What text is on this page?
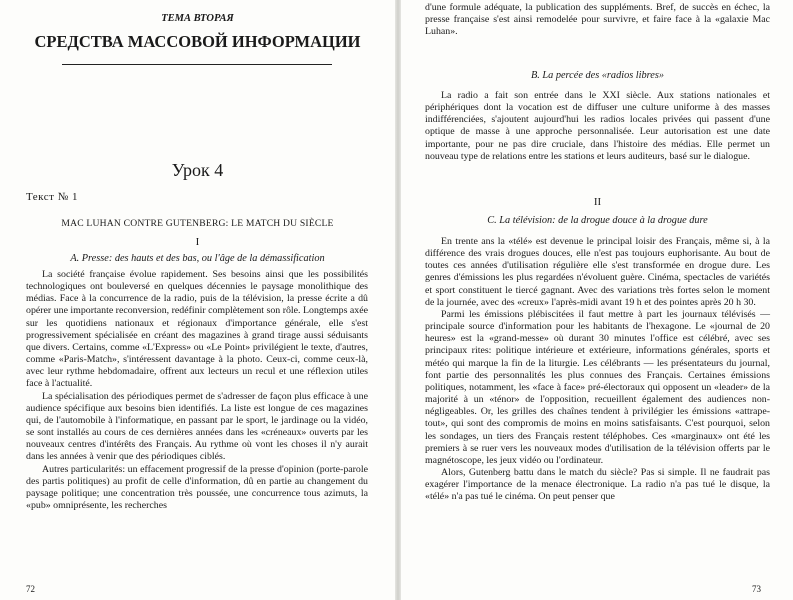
ТЕМА ВТОРАЯ
СРЕДСТВА МАССОВОЙ ИНФОРМАЦИИ
Урок 4
Текст № 1
MAC LUHAN CONTRE GUTENBERG: LE MATCH DU SIÈCLE
I
A. Presse: des hauts et des bas, ou l'âge de la démassification

La société française évolue rapidement. Ses besoins ainsi que les possibilités technologiques ont bouleversé en quelques décennies le paysage monolithique des médias. Face à la concurrence de la radio, puis de la télévision, la presse écrite a dû opérer une importante reconversion, redéfinir complètement son rôle. Longtemps axée sur les quotidiens nationaux et régionaux d'importance générale, elle s'est progressivement spécialisée en créant des magazines à grand tirage aussi séduisants que divers. Certains, comme «L'Express» ou «Le Point» privilégient le texte, d'autres, comme «Paris-Match», s'intéressent davantage à la photo. Ceux-ci, comme ceux-là, avec leur rythme hebdomadaire, offrent aux lecteurs un recul et une réflexion utiles face à l'actualité.

La spécialisation des périodiques permet de s'adresser de façon plus efficace à une audience spécifique aux besoins bien identifiés. La liste est longue de ces magazines qui, de l'automobile à l'informatique, en passant par le sport, le jardinage ou la vidéo, se sont installés au cours de ces dernières années dans les «créneaux» ouverts par les nouveaux centres d'intérêts des Français. Au rythme où vont les choses il n'y aurait dans les années à venir que des périodiques ciblés.

Autres particularités: un effacement progressif de la presse d'opinion (porte-parole des partis politiques) au profit de celle d'information, dû en partie au changement du paysage politique; une concentration très poussée, une concurrence tous azimuts, la «pub» omniprésente, les recherches

72

d'une formule adéquate, la publication des suppléments. Bref, de succès en échec, la presse française s'est ainsi remodelée pour survivre, et faire face à la «galaxie Mac Luhan».

B. La percée des «radios libres»

La radio a fait son entrée dans le XXI siècle. Aux stations nationales et périphériques dont la vocation est de diffuser une culture uniforme à des masses indifférenciées, s'ajoutent aujourd'hui les radios locales privées qui passent d'une optique de masse à une approche personnalisée. Leur autorisation est une date importante, pour ne pas dire cruciale, dans l'histoire des médias. Elle permet un nouveau type de relations entre les stations et leurs auditeurs, basé sur le dialogue.

II
C. La télévision: de la drogue douce à la drogue dure

En trente ans la «télé» est devenue le principal loisir des Français, même si, à la différence des vrais drogues douces, elle n'est pas toujours euphorisante. Au bout de toutes ces années d'utilisation régulière elle s'est transformée en drogue dure. Les genres d'émissions les plus regardées n'évoluent guère. Cinéma, spectacles de variétés et sport constituent le tiercé gagnant. Avec des variations très fortes selon le moment de la journée, avec des «creux» l'après-midi avant 19 h et des pointes après 20 h 30.

Parmi les émissions plébiscitées il faut mettre à part les journaux télévisés — principale source d'information pour les habitants de l'hexagone. Le «journal de 20 heures» est la «grand-messe» où durant 30 minutes l'office est célébré, avec ses principaux rites: politique intérieure et extérieure, informations générales, sports et météo qui marque la fin de la liturgie. Les célébrants — les présentateurs du journal, font partie des personnalités les plus connues des Français. Certaines émissions politiques, notamment, les «face à face» pré-électoraux qui opposent un «leader» de la majorité à un «ténor» de l'opposition, recueillent également des audiences non-négligeables. Or, les grilles des chaînes tendent à privilégier les émissions «attrape-tout», qui sont des compromis de moins en moins satisfaisants. C'est pourquoi, selon les sondages, un tiers des Français restent téléphobes. Ces «marginaux» ont été les premiers à se ruer vers les nouveaux modes d'utilisation de la télévision offerts par le magnétoscope, les jeux vidéo ou l'ordinateur.

Alors, Gutenberg battu dans le match du siècle? Pas si simple. Il ne faudrait pas exagérer l'importance de la menace électronique. La radio n'a pas tué le disque, la «télé» n'a pas tué le cinéma. On peut penser que

73
